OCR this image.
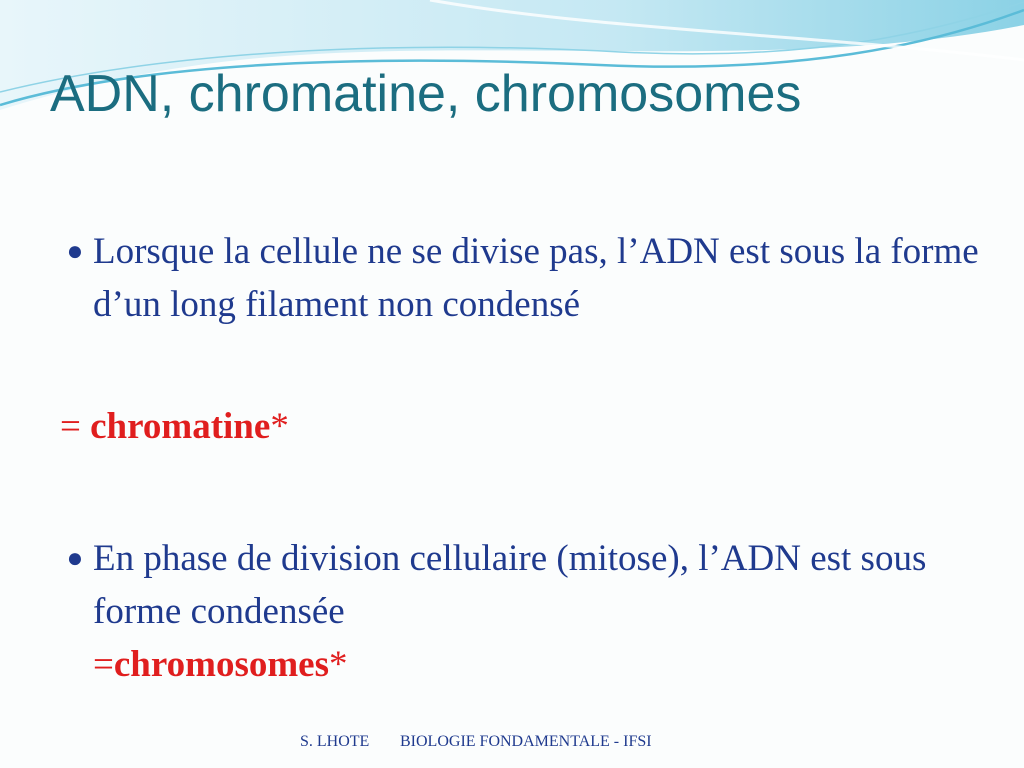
ADN, chromatine, chromosomes
● Lorsque la cellule ne se divise pas, l’ADN est sous la forme d’un long filament non condensé
= chromatine*
● En phase de division cellulaire (mitose), l’ADN est sous forme condensée
=chromosomes*
S. LHOTE BIOLOGIE FONDAMENTALE - IFSI
